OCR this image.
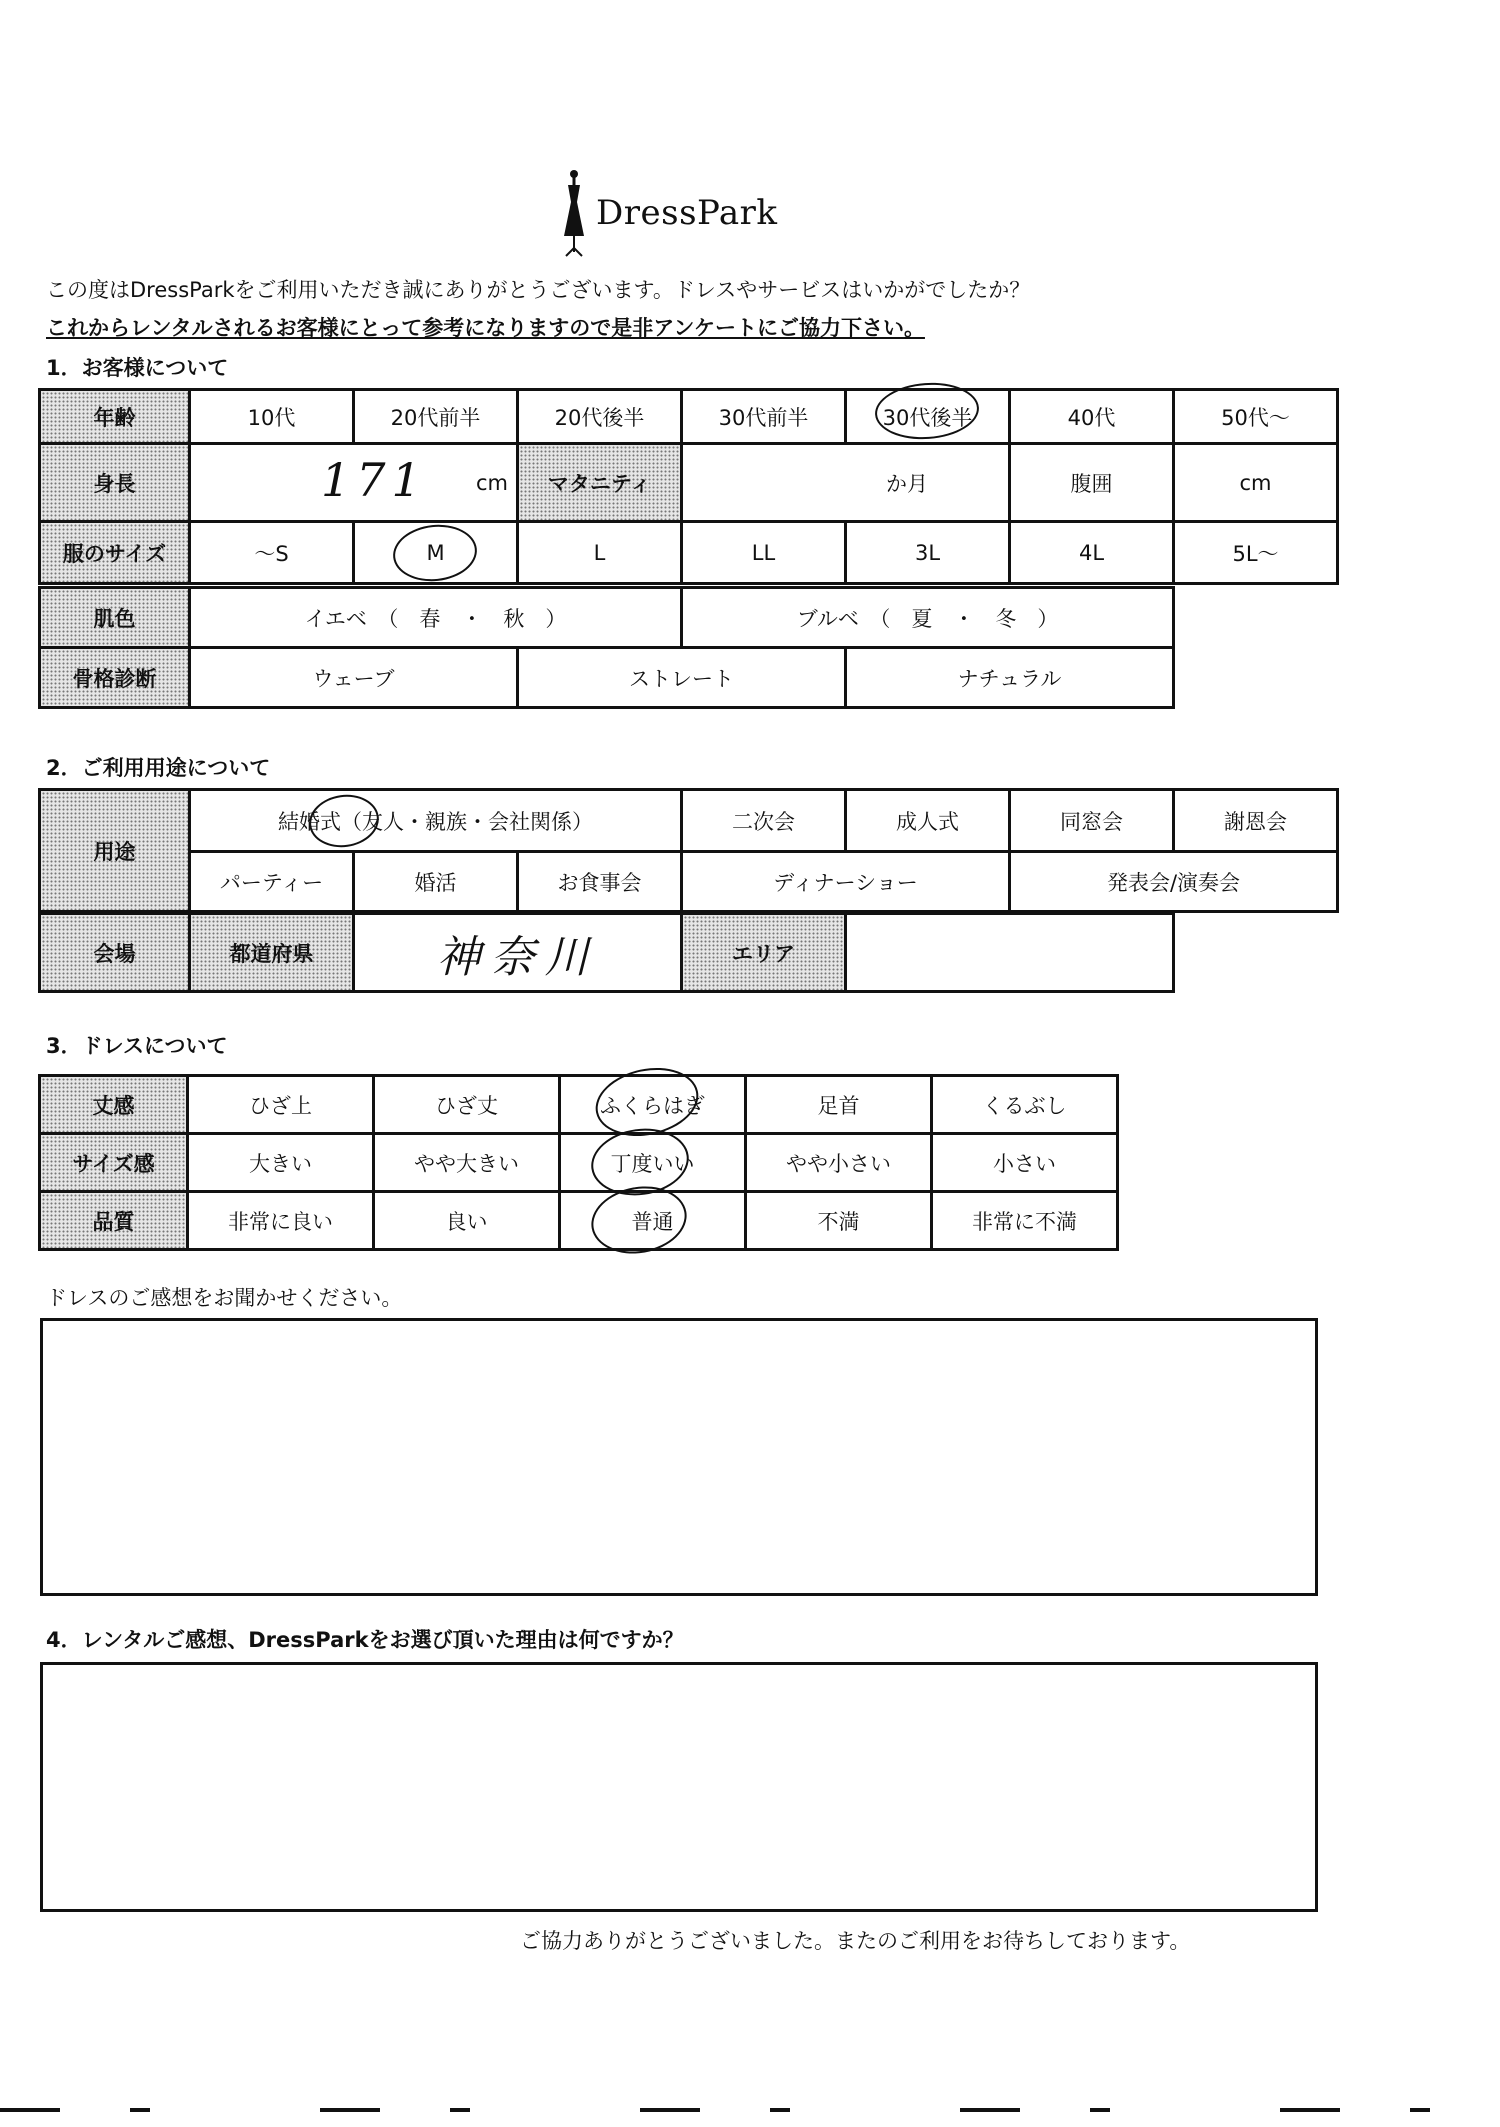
DressPark
この度はDressParkをご利用いただき誠にありがとうございます。ドレスやサービスはいかがでしたか？
これからレンタルされるお客様にとって参考になりますので是非アンケートにご協力下さい。
1．お客様について
年齢	10代	20代前半	20代後半	30代前半	30代後半	40代	50代～
身長	171 cm		マタニティ	か月		腹囲	cm
服のサイズ	～S	M	L	LL	3L	4L	5L～
肌色	イエベ　（　春　・　秋　）		ブルベ　（　夏　・　冬　）	
骨格診断	ウェーブ	ストレート		ナチュラル
2．ご利用用途について
用途	結婚式（友人・親族・会社関係）			二次会	成人式	同窓会	謝恩会
	パーティー	婚活	お食事会	ディナーショー		発表会/演奏会	
会場	都道府県	神奈川	エリア	
3．ドレスについて
丈感	ひざ上	ひざ丈	ふくらはぎ	足首	くるぶし
サイズ感	大きい	やや大きい	丁度いい	やや小さい	小さい
品質	非常に良い	良い	普通	不満	非常に不満
ドレスのご感想をお聞かせください。
4．レンタルご感想、DressParkをお選び頂いた理由は何ですか？
ご協力ありがとうございました。またのご利用をお待ちしております。
